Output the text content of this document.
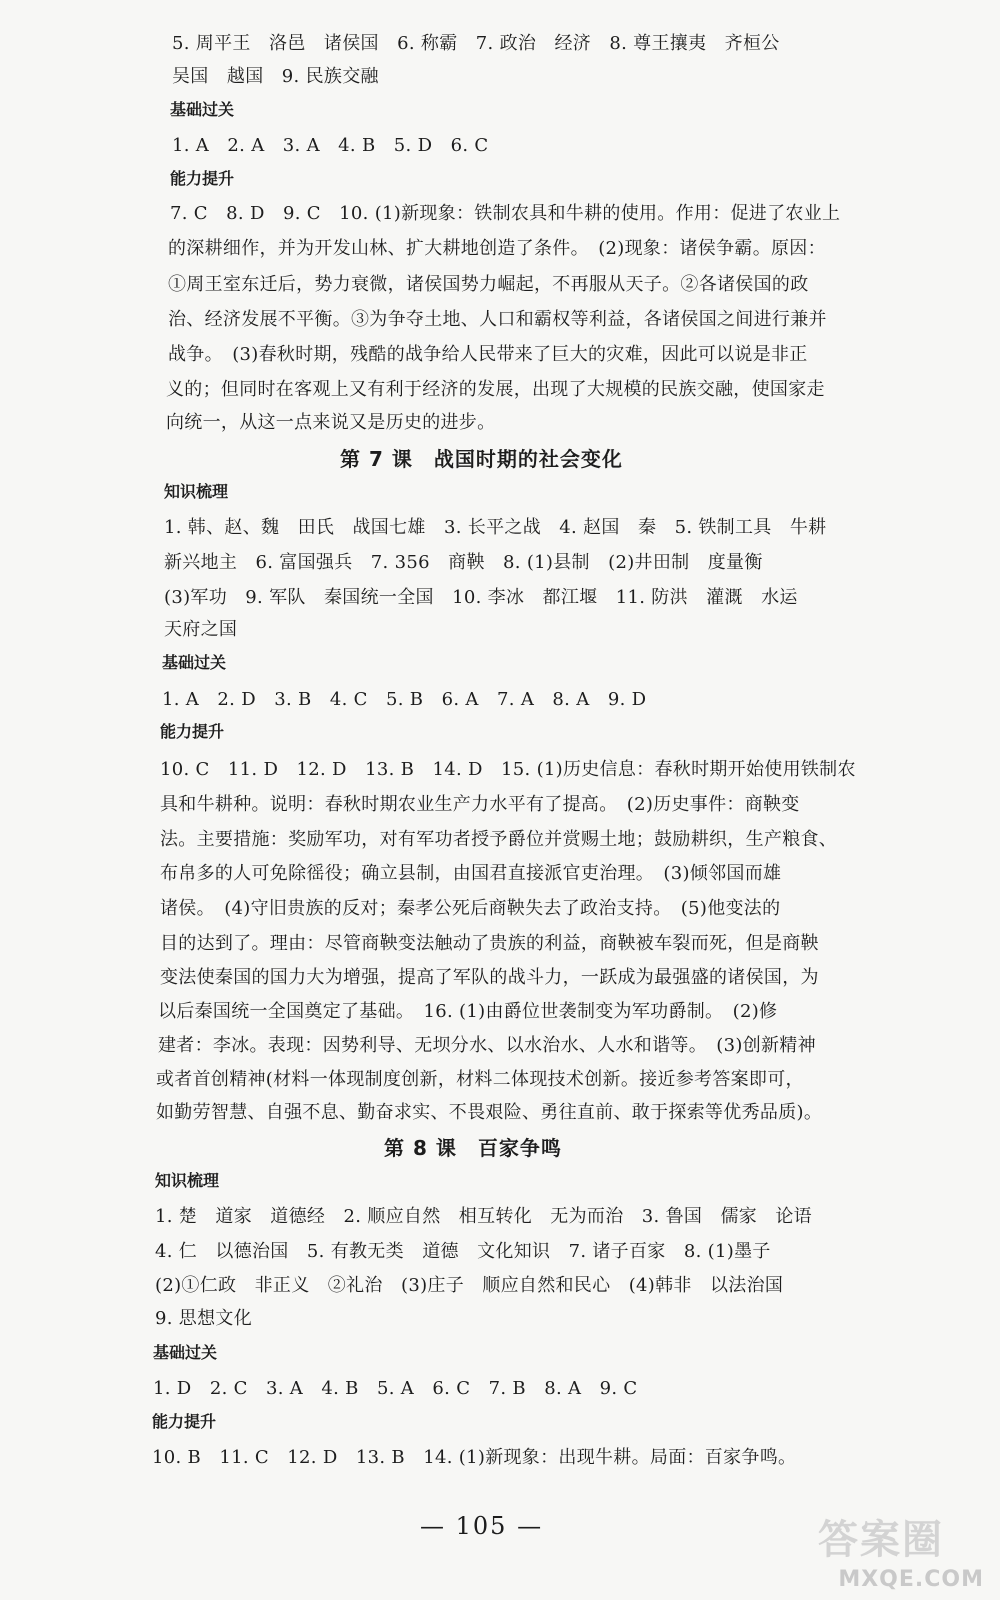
5. 周平王　洛邑　诸侯国　6. 称霸　7. 政治　经济　8. 尊王攘夷　齐桓公
吴国　越国　9. 民族交融
基础过关
1. A　2. A　3. A　4. B　5. D　6. C
能力提升
7. C　8. D　9. C　10. (1)新现象：铁制农具和牛耕的使用。作用：促进了农业上
的深耕细作，并为开发山林、扩大耕地创造了条件。　(2)现象：诸侯争霸。原因：
①周王室东迁后，势力衰微，诸侯国势力崛起，不再服从天子。②各诸侯国的政
治、经济发展不平衡。③为争夺土地、人口和霸权等利益，各诸侯国之间进行兼并
战争。　(3)春秋时期，残酷的战争给人民带来了巨大的灾难，因此可以说是非正
义的；但同时在客观上又有利于经济的发展，出现了大规模的民族交融，使国家走
向统一，从这一点来说又是历史的进步。
第 7 课　战国时期的社会变化
知识梳理
1. 韩、赵、魏　田氏　战国七雄　3. 长平之战　4. 赵国　秦　5. 铁制工具　牛耕
新兴地主　6. 富国强兵　7. 356　商鞅　8. (1)县制　(2)井田制　度量衡
(3)军功　9. 军队　秦国统一全国　10. 李冰　都江堰　11. 防洪　灌溉　水运
天府之国
基础过关
1. A　2. D　3. B　4. C　5. B　6. A　7. A　8. A　9. D
能力提升
10. C　11. D　12. D　13. B　14. D　15. (1)历史信息：春秋时期开始使用铁制农
具和牛耕种。说明：春秋时期农业生产力水平有了提高。　(2)历史事件：商鞅变
法。主要措施：奖励军功，对有军功者授予爵位并赏赐土地；鼓励耕织，生产粮食、
布帛多的人可免除徭役；确立县制，由国君直接派官吏治理。　(3)倾邻国而雄
诸侯。　(4)守旧贵族的反对；秦孝公死后商鞅失去了政治支持。　(5)他变法的
目的达到了。理由：尽管商鞅变法触动了贵族的利益，商鞅被车裂而死，但是商鞅
变法使秦国的国力大为增强，提高了军队的战斗力，一跃成为最强盛的诸侯国，为
以后秦国统一全国奠定了基础。　16. (1)由爵位世袭制变为军功爵制。　(2)修
建者：李冰。表现：因势利导、无坝分水、以水治水、人水和谐等。　(3)创新精神
或者首创精神(材料一体现制度创新，材料二体现技术创新。接近参考答案即可，
如勤劳智慧、自强不息、勤奋求实、不畏艰险、勇往直前、敢于探索等优秀品质)。
第 8 课　百家争鸣
知识梳理
1. 楚　道家　道德经　2. 顺应自然　相互转化　无为而治　3. 鲁国　儒家　论语
4. 仁　以德治国　5. 有教无类　道德　文化知识　7. 诸子百家　8. (1)墨子
(2)①仁政　非正义　②礼治　(3)庄子　顺应自然和民心　(4)韩非　以法治国
9. 思想文化
基础过关
1. D　2. C　3. A　4. B　5. A　6. C　7. B　8. A　9. C
能力提升
10. B　11. C　12. D　13. B　14. (1)新现象：出现牛耕。局面：百家争鸣。
— 105 —	答案圈
MXQE.COM
